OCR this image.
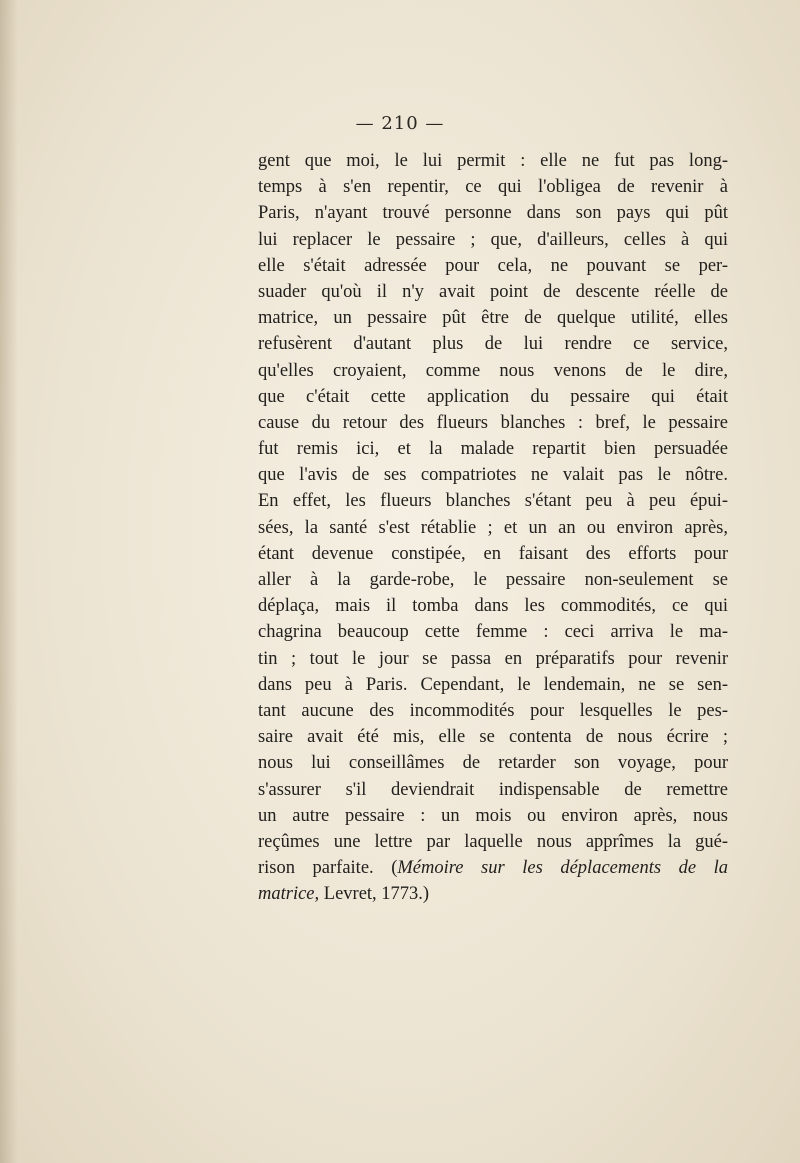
— 210 —
gent que moi, le lui permit : elle ne fut pas long-
temps à s'en repentir, ce qui l'obligea de revenir à
Paris, n'ayant trouvé personne dans son pays qui pût
lui replacer le pessaire ; que, d'ailleurs, celles à qui
elle s'était adressée pour cela, ne pouvant se per-
suader qu'où il n'y avait point de descente réelle de
matrice, un pessaire pût être de quelque utilité, elles
refusèrent d'autant plus de lui rendre ce service,
qu'elles croyaient, comme nous venons de le dire,
que c'était cette application du pessaire qui était
cause du retour des flueurs blanches : bref, le pessaire
fut remis ici, et la malade repartit bien persuadée
que l'avis de ses compatriotes ne valait pas le nôtre.
En effet, les flueurs blanches s'étant peu à peu épui-
sées, la santé s'est rétablie ; et un an ou environ après,
étant devenue constipée, en faisant des efforts pour
aller à la garde-robe, le pessaire non-seulement se
déplaça, mais il tomba dans les commodités, ce qui
chagrina beaucoup cette femme : ceci arriva le ma-
tin ; tout le jour se passa en préparatifs pour revenir
dans peu à Paris. Cependant, le lendemain, ne se sen-
tant aucune des incommodités pour lesquelles le pes-
saire avait été mis, elle se contenta de nous écrire ;
nous lui conseillâmes de retarder son voyage, pour
s'assurer s'il deviendrait indispensable de remettre
un autre pessaire : un mois ou environ après, nous
reçûmes une lettre par laquelle nous apprîmes la gué-
rison parfaite. (Mémoire sur les déplacements de la
matrice, Levret, 1773.)
